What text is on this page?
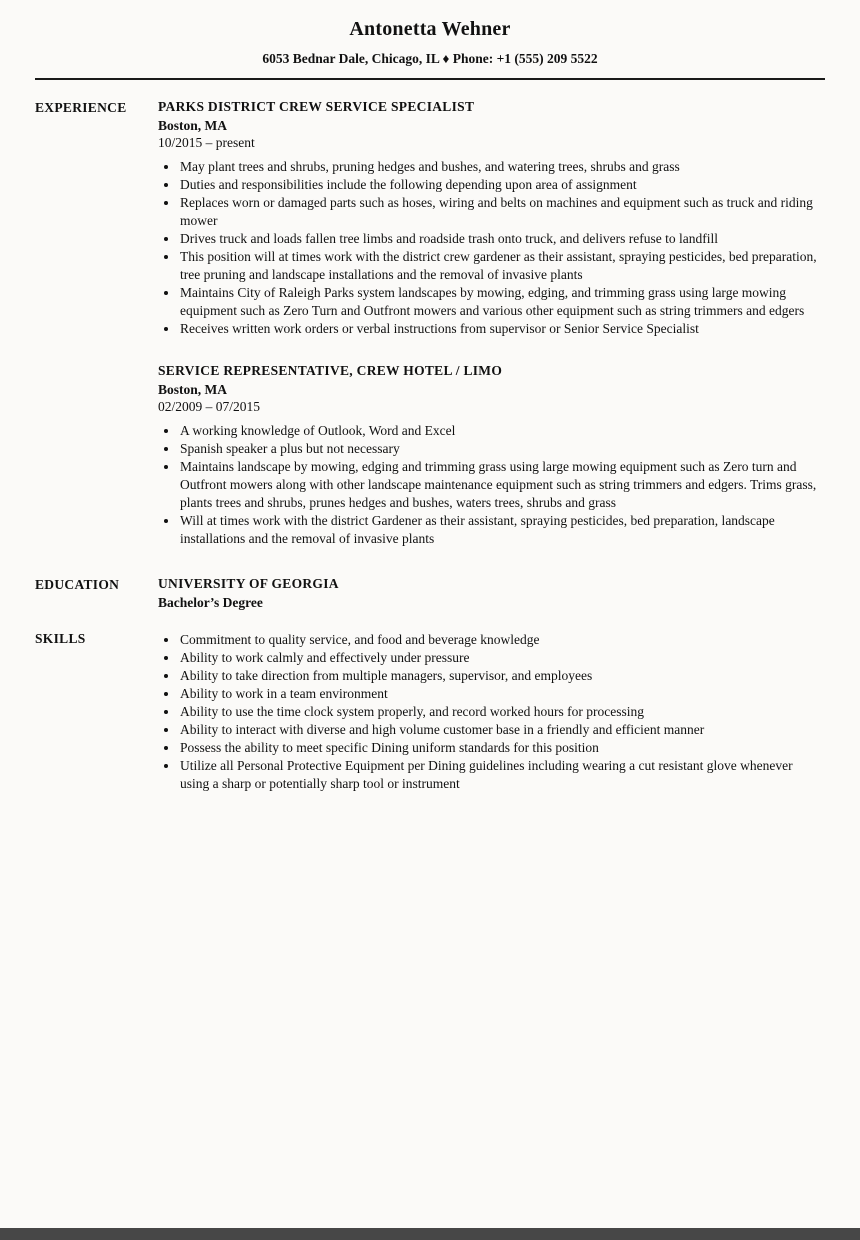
Antonetta Wehner
6053 Bednar Dale, Chicago, IL ♦ Phone: +1 (555) 209 5522
EXPERIENCE	PARKS DISTRICT CREW SERVICE SPECIALIST
Boston, MA
10/2015 – present
• May plant trees and shrubs, pruning hedges and bushes, and watering trees, shrubs and grass
• Duties and responsibilities include the following depending upon area of assignment
• Replaces worn or damaged parts such as hoses, wiring and belts on machines and equipment such as truck and riding mower
• Drives truck and loads fallen tree limbs and roadside trash onto truck, and delivers refuse to landfill
• This position will at times work with the district crew gardener as their assistant, spraying pesticides, bed preparation, tree pruning and landscape installations and the removal of invasive plants
• Maintains City of Raleigh Parks system landscapes by mowing, edging, and trimming grass using large mowing equipment such as Zero Turn and Outfront mowers and various other equipment such as string trimmers and edgers
• Receives written work orders or verbal instructions from supervisor or Senior Service Specialist
SERVICE REPRESENTATIVE, CREW HOTEL / LIMO
Boston, MA
02/2009 – 07/2015
• A working knowledge of Outlook, Word and Excel
• Spanish speaker a plus but not necessary
• Maintains landscape by mowing, edging and trimming grass using large mowing equipment such as Zero turn and Outfront mowers along with other landscape maintenance equipment such as string trimmers and edgers. Trims grass, plants trees and shrubs, prunes hedges and bushes, waters trees, shrubs and grass
• Will at times work with the district Gardener as their assistant, spraying pesticides, bed preparation, landscape installations and the removal of invasive plants
EDUCATION	UNIVERSITY OF GEORGIA
Bachelor’s Degree
SKILLS	• Commitment to quality service, and food and beverage knowledge
• Ability to work calmly and effectively under pressure
• Ability to take direction from multiple managers, supervisor, and employees
• Ability to work in a team environment
• Ability to use the time clock system properly, and record worked hours for processing
• Ability to interact with diverse and high volume customer base in a friendly and efficient manner
• Possess the ability to meet specific Dining uniform standards for this position
• Utilize all Personal Protective Equipment per Dining guidelines including wearing a cut resistant glove whenever using a sharp or potentially sharp tool or instrument
